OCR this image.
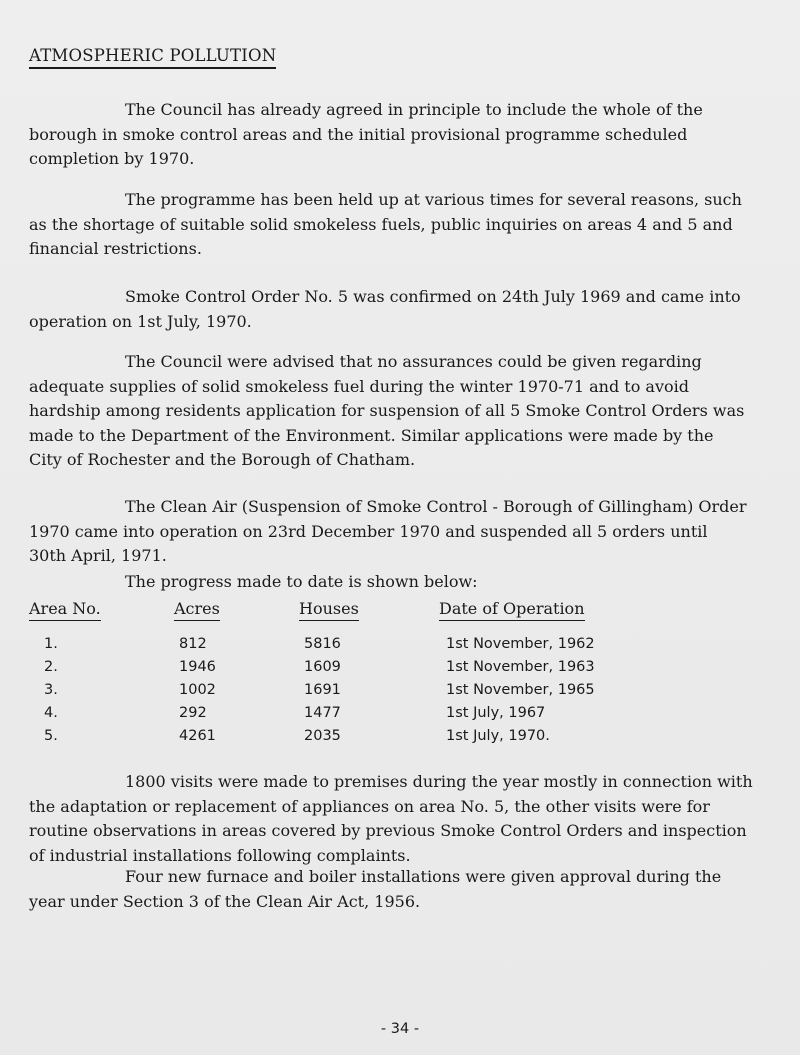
ATMOSPHERIC POLLUTION

The Council has already agreed in principle to include the whole of the
borough in smoke control areas and the initial provisional programme scheduled
completion by 1970.

The programme has been held up at various times for several reasons, such
as the shortage of suitable solid smokeless fuels, public inquiries on areas 4 and 5 and
financial restrictions.

Smoke Control Order No. 5 was confirmed on 24th July 1969 and came into
operation on 1st July, 1970.

The Council were advised that no assurances could be given regarding
adequate supplies of solid smokeless fuel during the winter 1970-71 and to avoid
hardship among residents application for suspension of all 5 Smoke Control Orders was
made to the Department of the Environment. Similar applications were made by the
City of Rochester and the Borough of Chatham.

The Clean Air (Suspension of Smoke Control - Borough of Gillingham) Order
1970 came into operation on 23rd December 1970 and suspended all 5 orders until
30th April, 1971.

The progress made to date is shown below:
Area No.	Acres	Houses	Date of Operation
1.	812	5816	1st November, 1962
2.	1946	1609	1st November, 1963
3.	1002	1691	1st November, 1965
4.	292	1477	1st July, 1967
5.	4261	2035	1st July, 1970.

1800 visits were made to premises during the year mostly in connection with
the adaptation or replacement of appliances on area No. 5, the other visits were for
routine observations in areas covered by previous Smoke Control Orders and inspection
of industrial installations following complaints.

Four new furnace and boiler installations were given approval during the
year under Section 3 of the Clean Air Act, 1956.

- 34 -
